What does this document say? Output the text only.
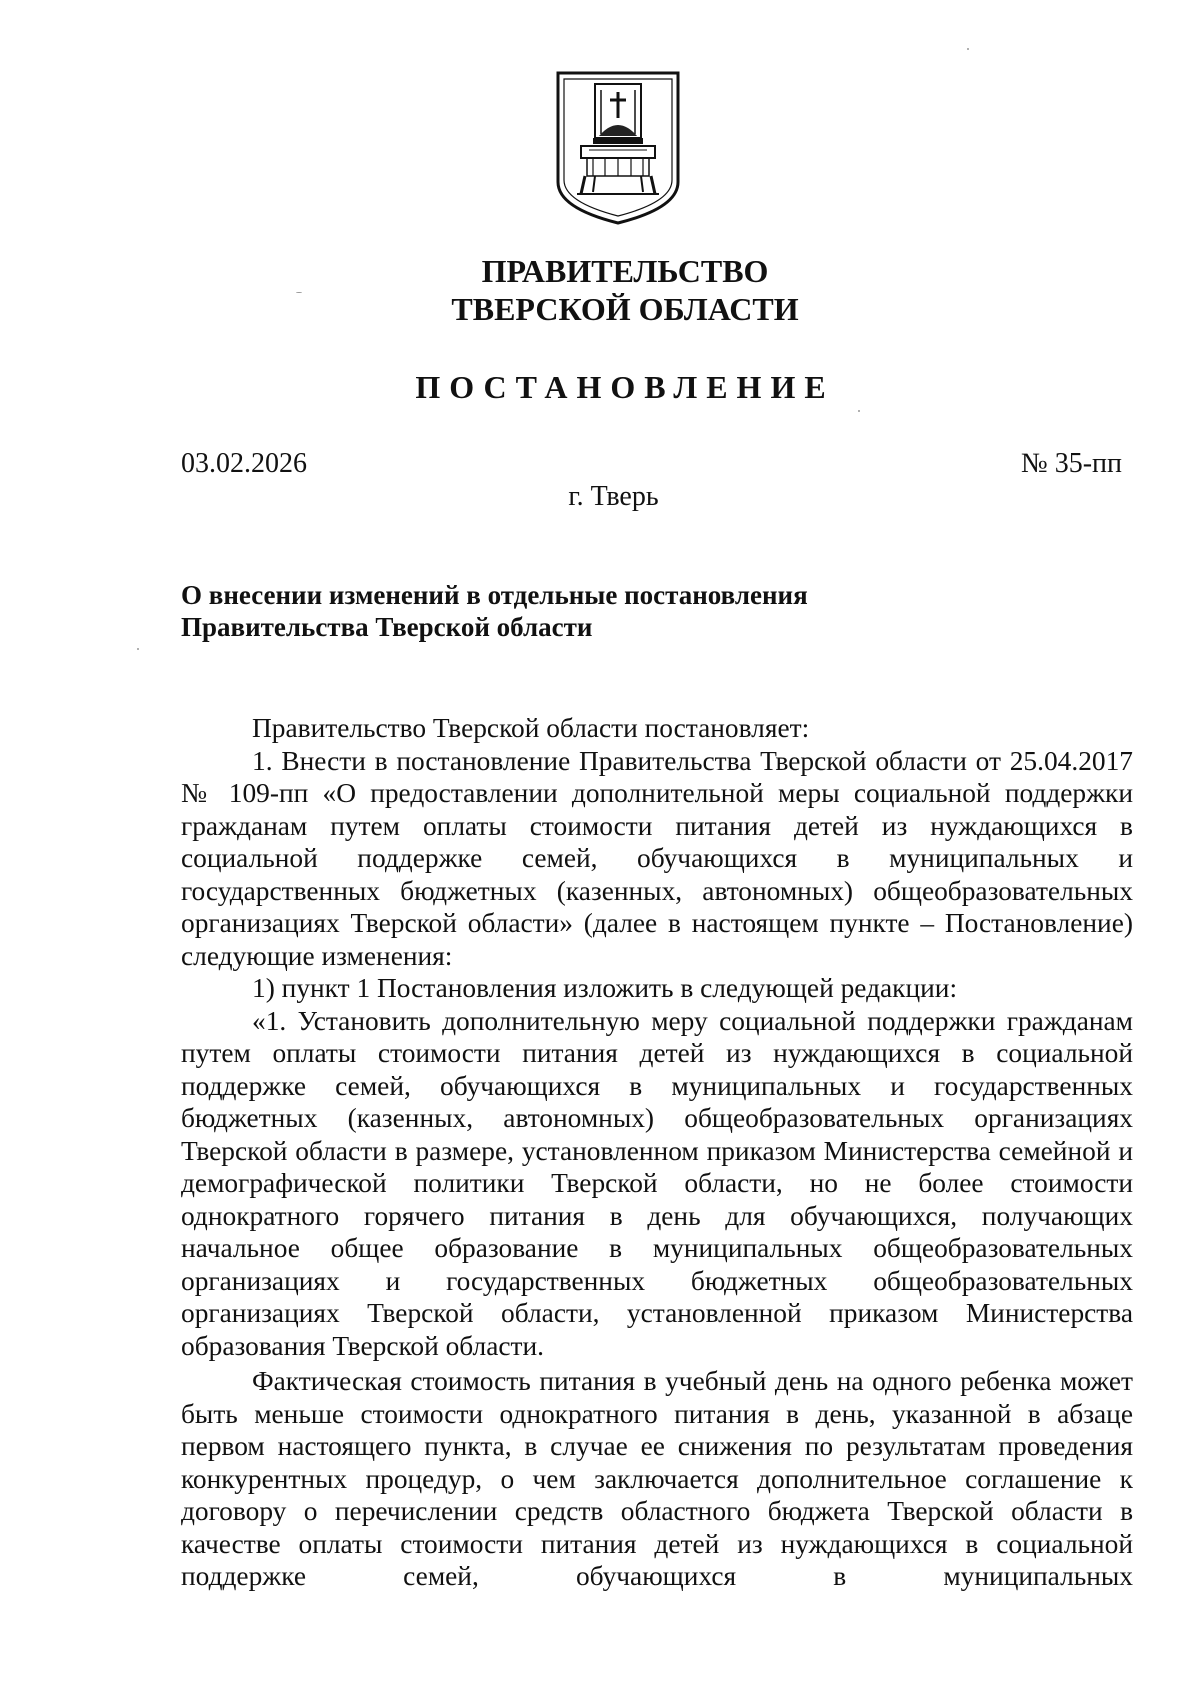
ПРАВИТЕЛЬСТВО
ТВЕРСКОЙ ОБЛАСТИ
ПОСТАНОВЛЕНИЕ
03.02.2026	№ 35-пп
г. Тверь
О внесении изменений в отдельные постановления
Правительства Тверской области

Правительство Тверской области постановляет:

1. Внести в постановление Правительства Тверской области от 25.04.2017 № 109-пп «О предоставлении дополнительной меры социальной поддержки гражданам путем оплаты стоимости питания детей из нуждающихся в социальной поддержке семей, обучающихся в муниципальных и государственных бюджетных (казенных, автономных) общеобразовательных организациях Тверской области» (далее в настоящем пункте – Постановление) следующие изменения:

1) пункт 1 Постановления изложить в следующей редакции:

«1. Установить дополнительную меру социальной поддержки гражданам путем оплаты стоимости питания детей из нуждающихся в социальной поддержке семей, обучающихся в муниципальных и государственных бюджетных (казенных, автономных) общеобразовательных организациях Тверской области в размере, установленном приказом Министерства семейной и демографической политики Тверской области, но не более стоимости однократного горячего питания в день для обучающихся, получающих начальное общее образование в муниципальных общеобразовательных организациях и государственных бюджетных общеобразовательных организациях Тверской области, установленной приказом Министерства образования Тверской области.

Фактическая стоимость питания в учебный день на одного ребенка может быть меньше стоимости однократного питания в день, указанной в абзаце первом настоящего пункта, в случае ее снижения по результатам проведения конкурентных процедур, о чем заключается дополнительное соглашение к договору о перечислении средств областного бюджета Тверской области в качестве оплаты стоимости питания детей из нуждающихся в социальной поддержке семей, обучающихся в муниципальных
